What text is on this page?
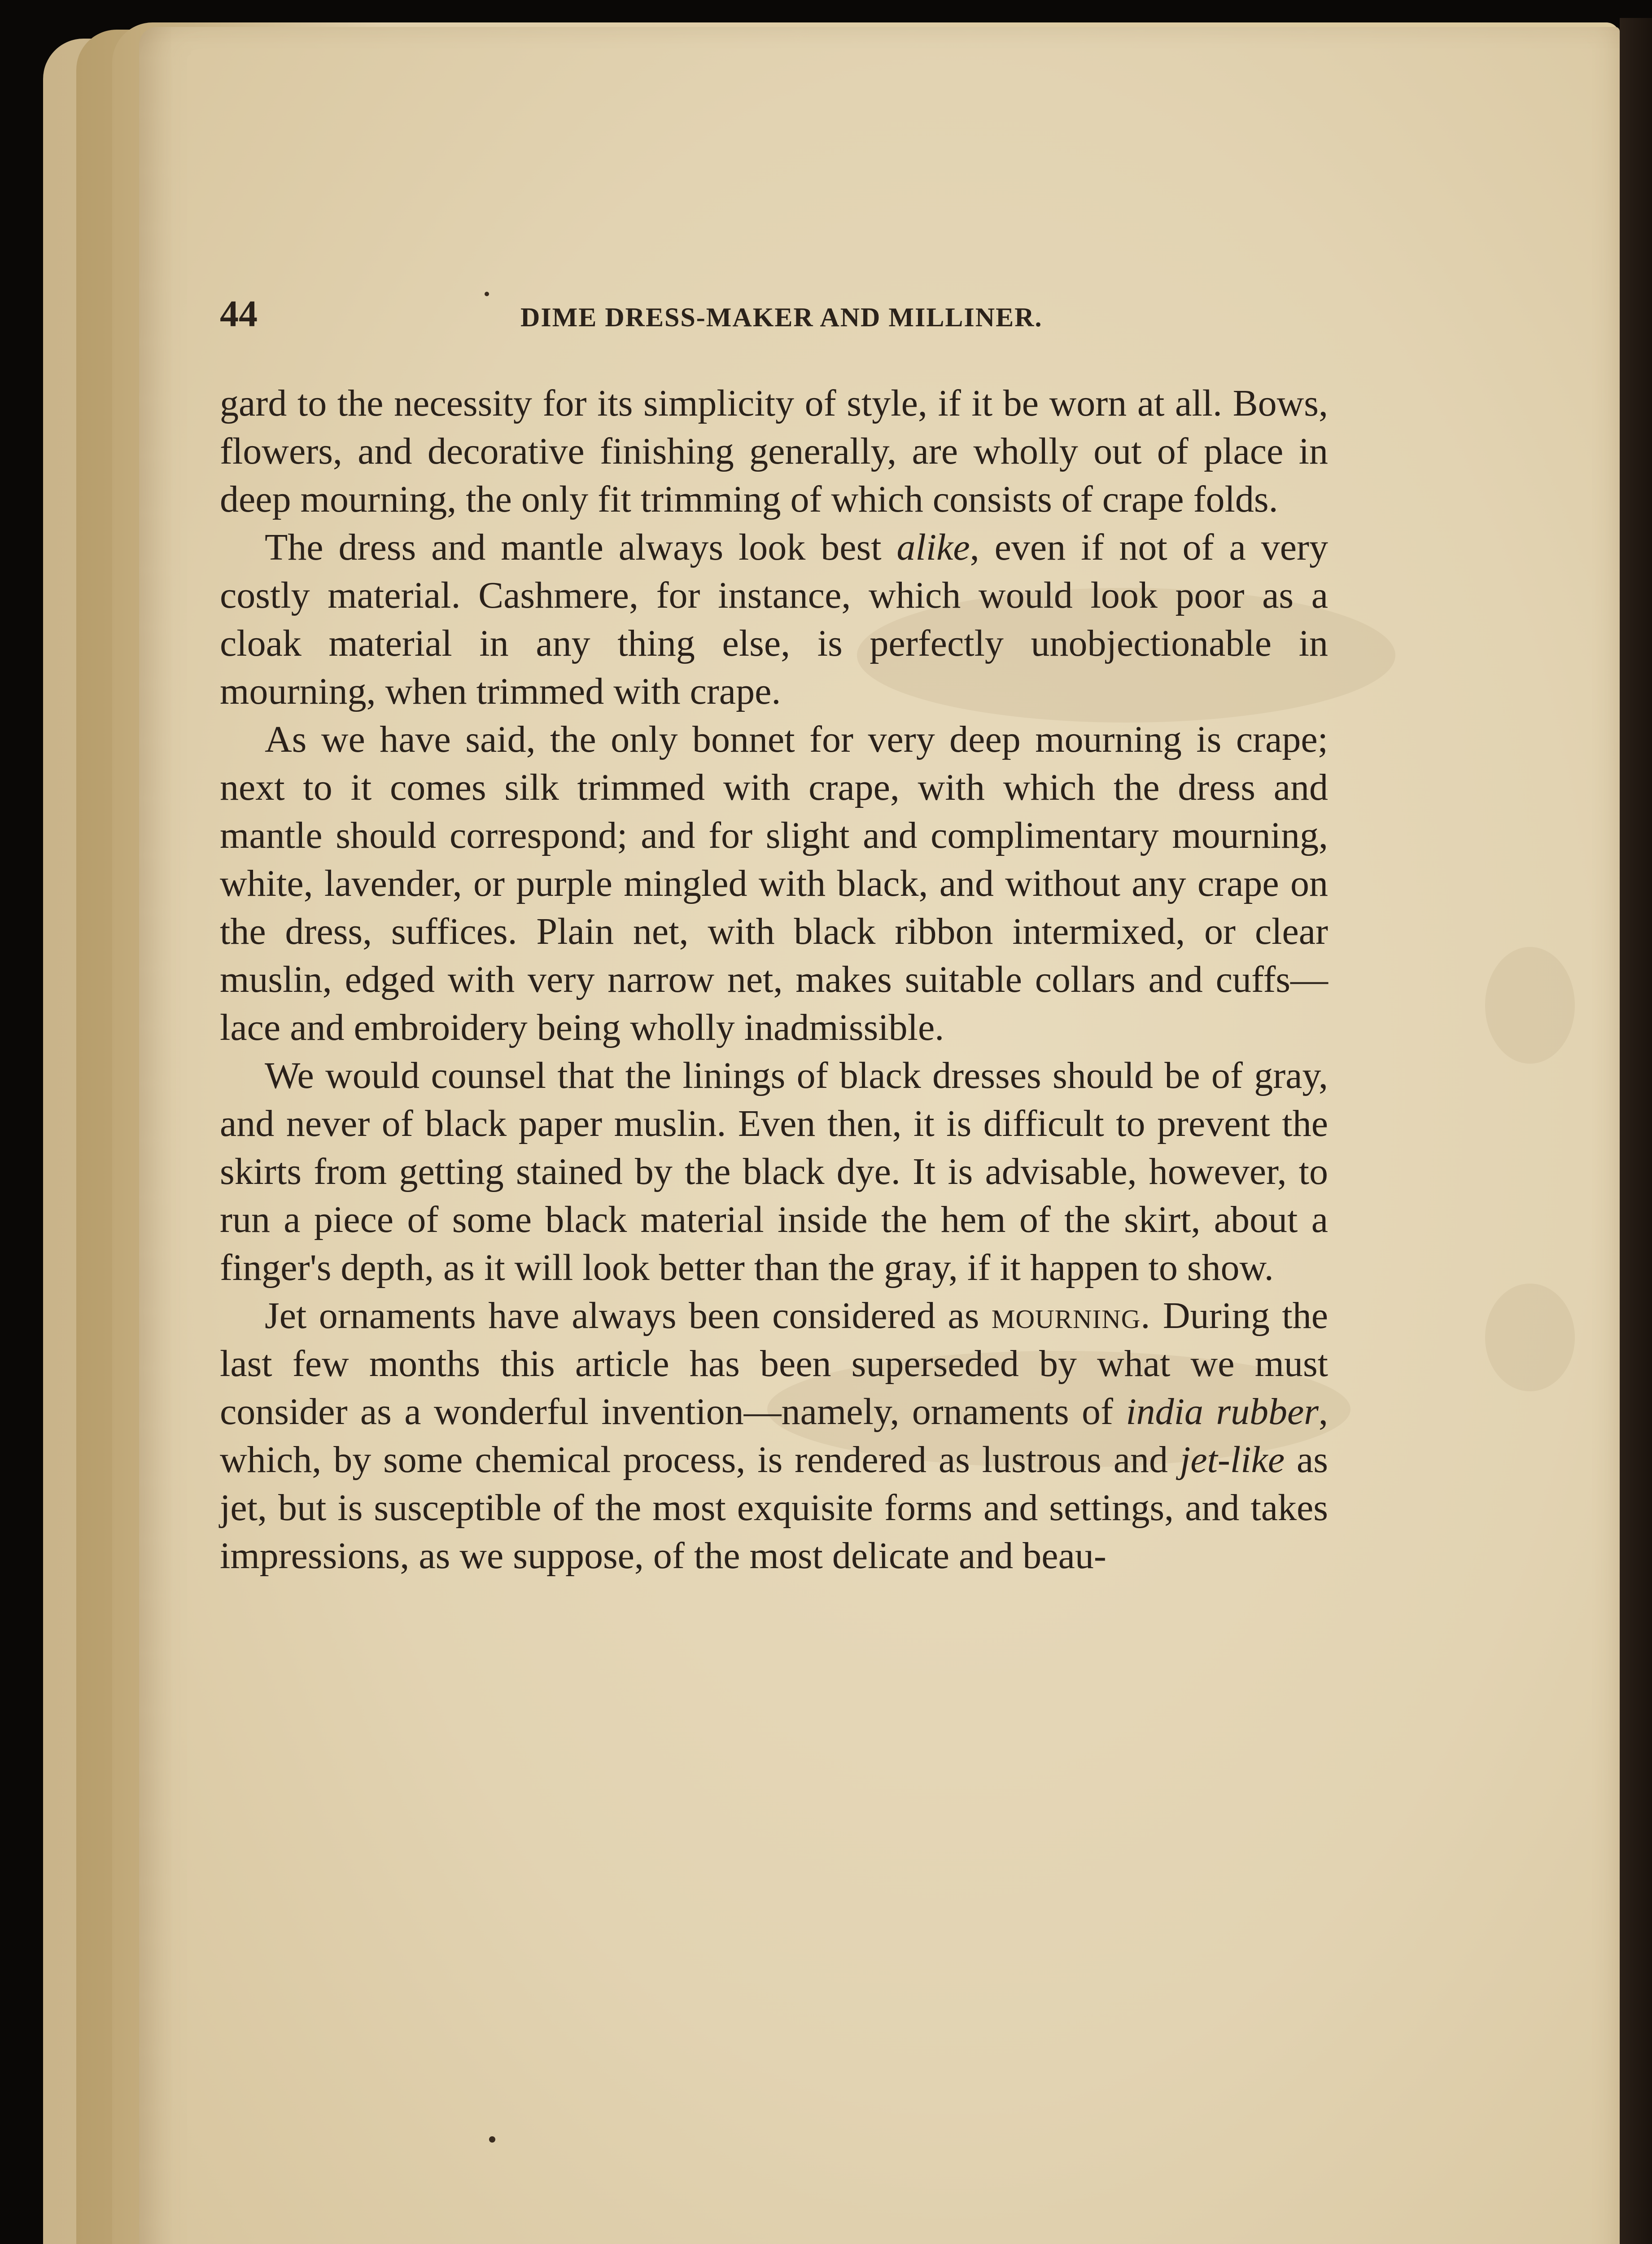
44	DIME DRESS-MAKER AND MILLINER.

gard to the necessity for its simplicity of style, if it be worn at all. Bows, flowers, and decorative finishing generally, are wholly out of place in deep mourning, the only fit trimming of which consists of crape folds.

The dress and mantle always look best alike, even if not of a very costly material. Cashmere, for instance, which would look poor as a cloak material in any thing else, is perfectly unobjectionable in mourning, when trimmed with crape.

As we have said, the only bonnet for very deep mourning is crape; next to it comes silk trimmed with crape, with which the dress and mantle should correspond; and for slight and complimentary mourning, white, lavender, or purple mingled with black, and without any crape on the dress, suffices. Plain net, with black ribbon intermixed, or clear muslin, edged with very narrow net, makes suitable collars and cuffs—lace and embroidery being wholly inadmissible.

We would counsel that the linings of black dresses should be of gray, and never of black paper muslin. Even then, it is difficult to prevent the skirts from getting stained by the black dye. It is advisable, however, to run a piece of some black material inside the hem of the skirt, about a finger's depth, as it will look better than the gray, if it happen to show.

Jet ornaments have always been considered as mourning. During the last few months this article has been superseded by what we must consider as a wonderful invention—namely, ornaments of india rubber, which, by some chemical process, is rendered as lustrous and jet-like as jet, but is susceptible of the most exquisite forms and settings, and takes impressions, as we suppose, of the most delicate and beau-
